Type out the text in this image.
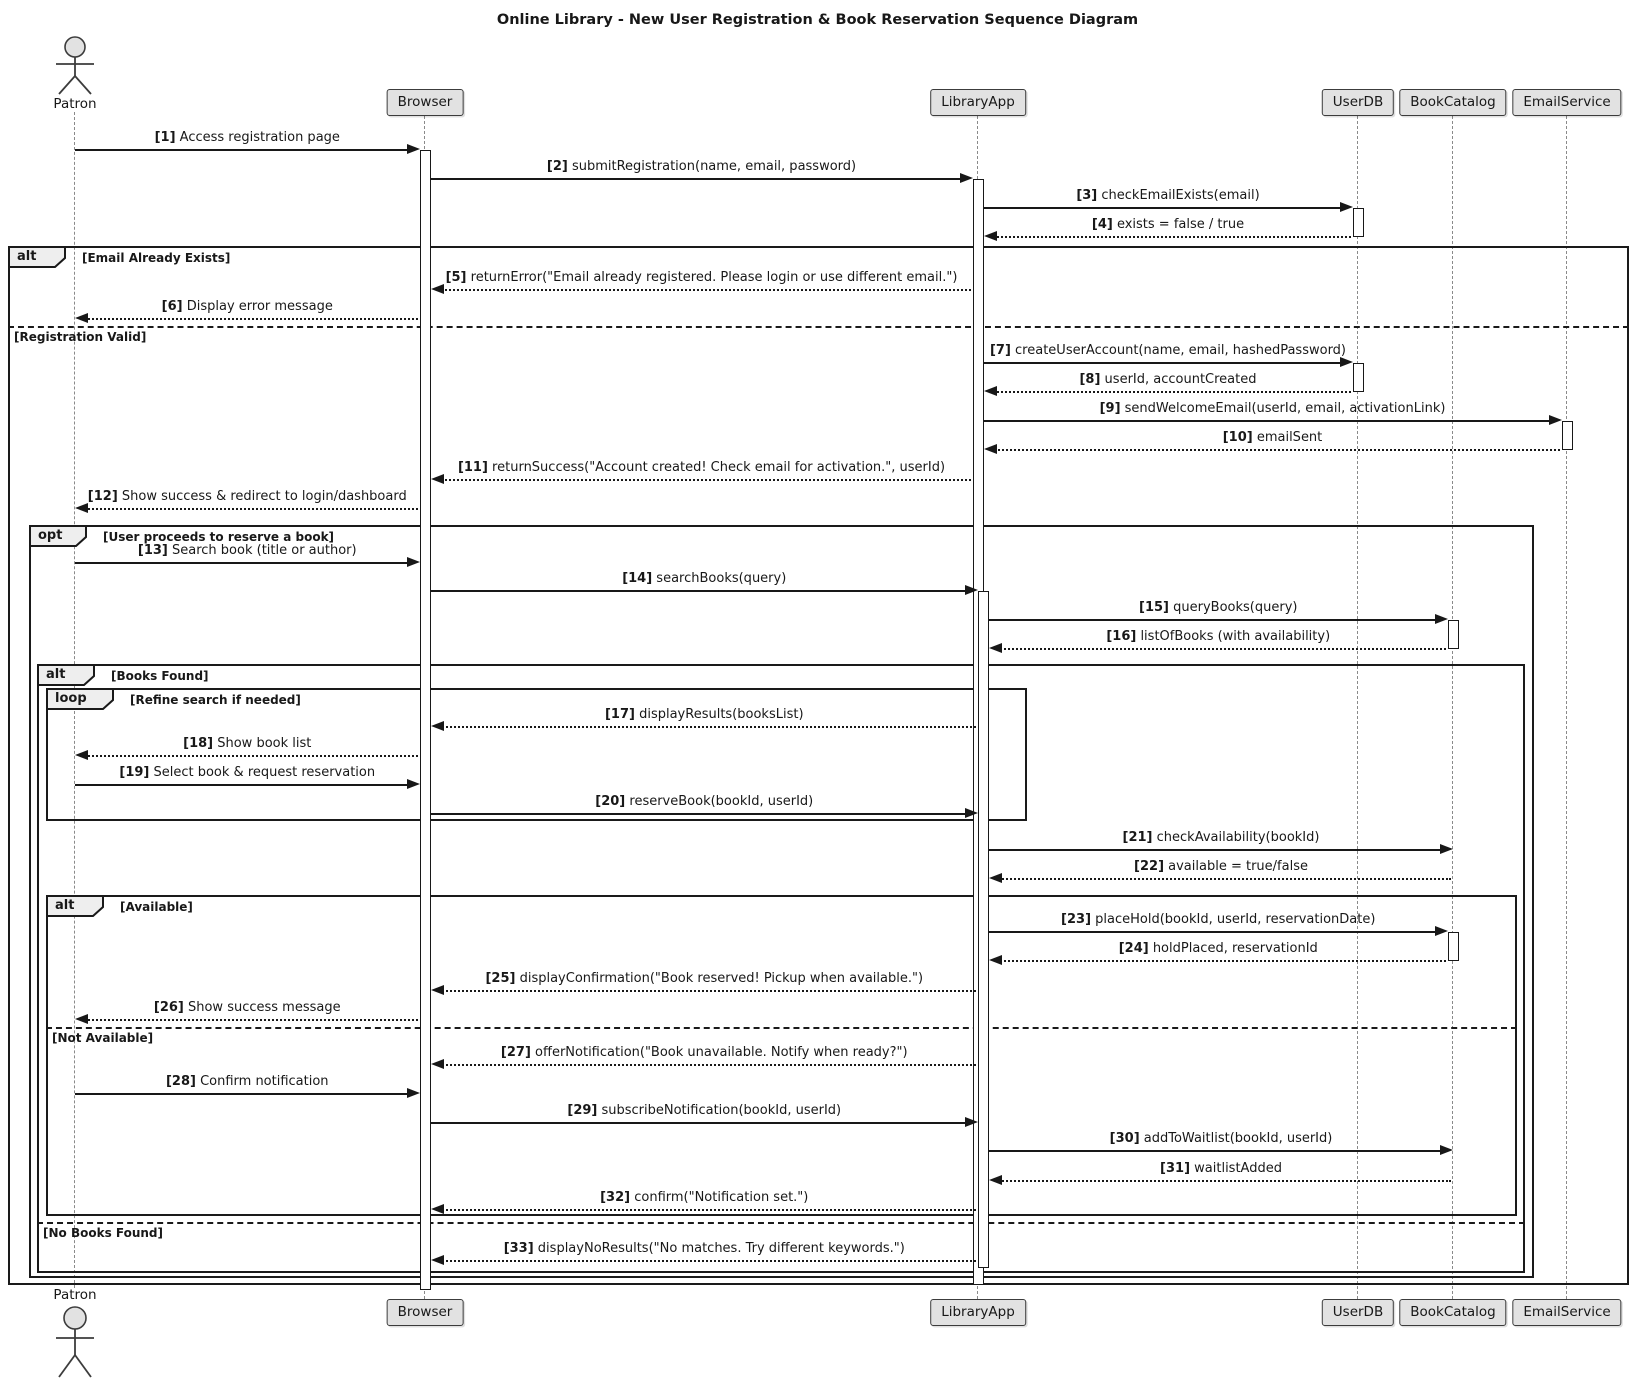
Online Library - New User Registration & Book Reservation Sequence Diagram
alt	[Email Already Exists]
[Registration Valid]
opt	[User proceeds to reserve a book]
alt	[Books Found]
[No Books Found]
loop	[Refine search if needed]
alt	[Available]
[Not Available]
[1] Access registration page
[2] submitRegistration(name, email, password)
[3] checkEmailExists(email)
[4] exists = false / true
[5] returnError("Email already registered. Please login or use different email.")
[6] Display error message
[7] createUserAccount(name, email, hashedPassword)
[8] userId, accountCreated
[9] sendWelcomeEmail(userId, email, activationLink)
[10] emailSent
[11] returnSuccess("Account created! Check email for activation.", userId)
[12] Show success & redirect to login/dashboard
[13] Search book (title or author)
[14] searchBooks(query)
[15] queryBooks(query)
[16] listOfBooks (with availability)
[17] displayResults(booksList)
[18] Show book list
[19] Select book & request reservation
[20] reserveBook(bookId, userId)
[21] checkAvailability(bookId)
[22] available = true/false
[23] placeHold(bookId, userId, reservationDate)
[24] holdPlaced, reservationId
[25] displayConfirmation("Book reserved! Pickup when available.")
[26] Show success message
[27] offerNotification("Book unavailable. Notify when ready?")
[28] Confirm notification
[29] subscribeNotification(bookId, userId)
[30] addToWaitlist(bookId, userId)
[31] waitlistAdded
[32] confirm("Notification set.")
[33] displayNoResults("No matches. Try different keywords.")
Patron
Patron
Browser
Browser
LibraryApp
LibraryApp
UserDB
UserDB
BookCatalog
BookCatalog
EmailService
EmailService
